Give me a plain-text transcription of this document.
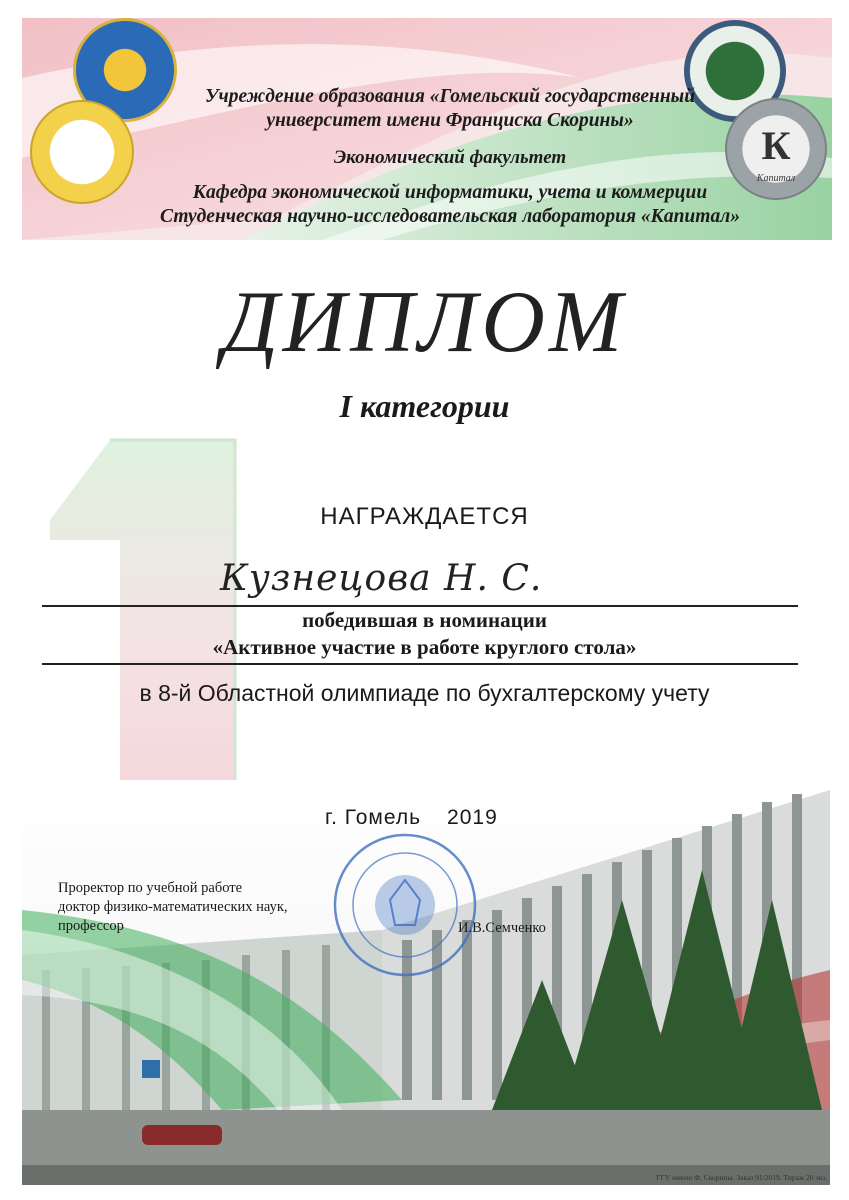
К
Капитал
Учреждение образования «Гомельский государственный
университет имени Франциска Скорины»
Экономический факультет
Кафедра экономической информатики, учета и коммерции
Студенческая научно-исследовательская лаборатория «Капитал»
ДИПЛОМ
I категории
НАГРАЖДАЕТСЯ
Кузнецова Н. С.
победившая в номинации
«Активное участие в работе круглого стола»
в 8-й Областной олимпиаде по бухгалтерскому учету
г. Гомель 2019
Проректор по учебной работе
доктор физико-математических наук,
профессор	И.В.Семченко
ГГУ имени Ф. Скорины. Заказ 91/2019. Тираж 20 экз.
